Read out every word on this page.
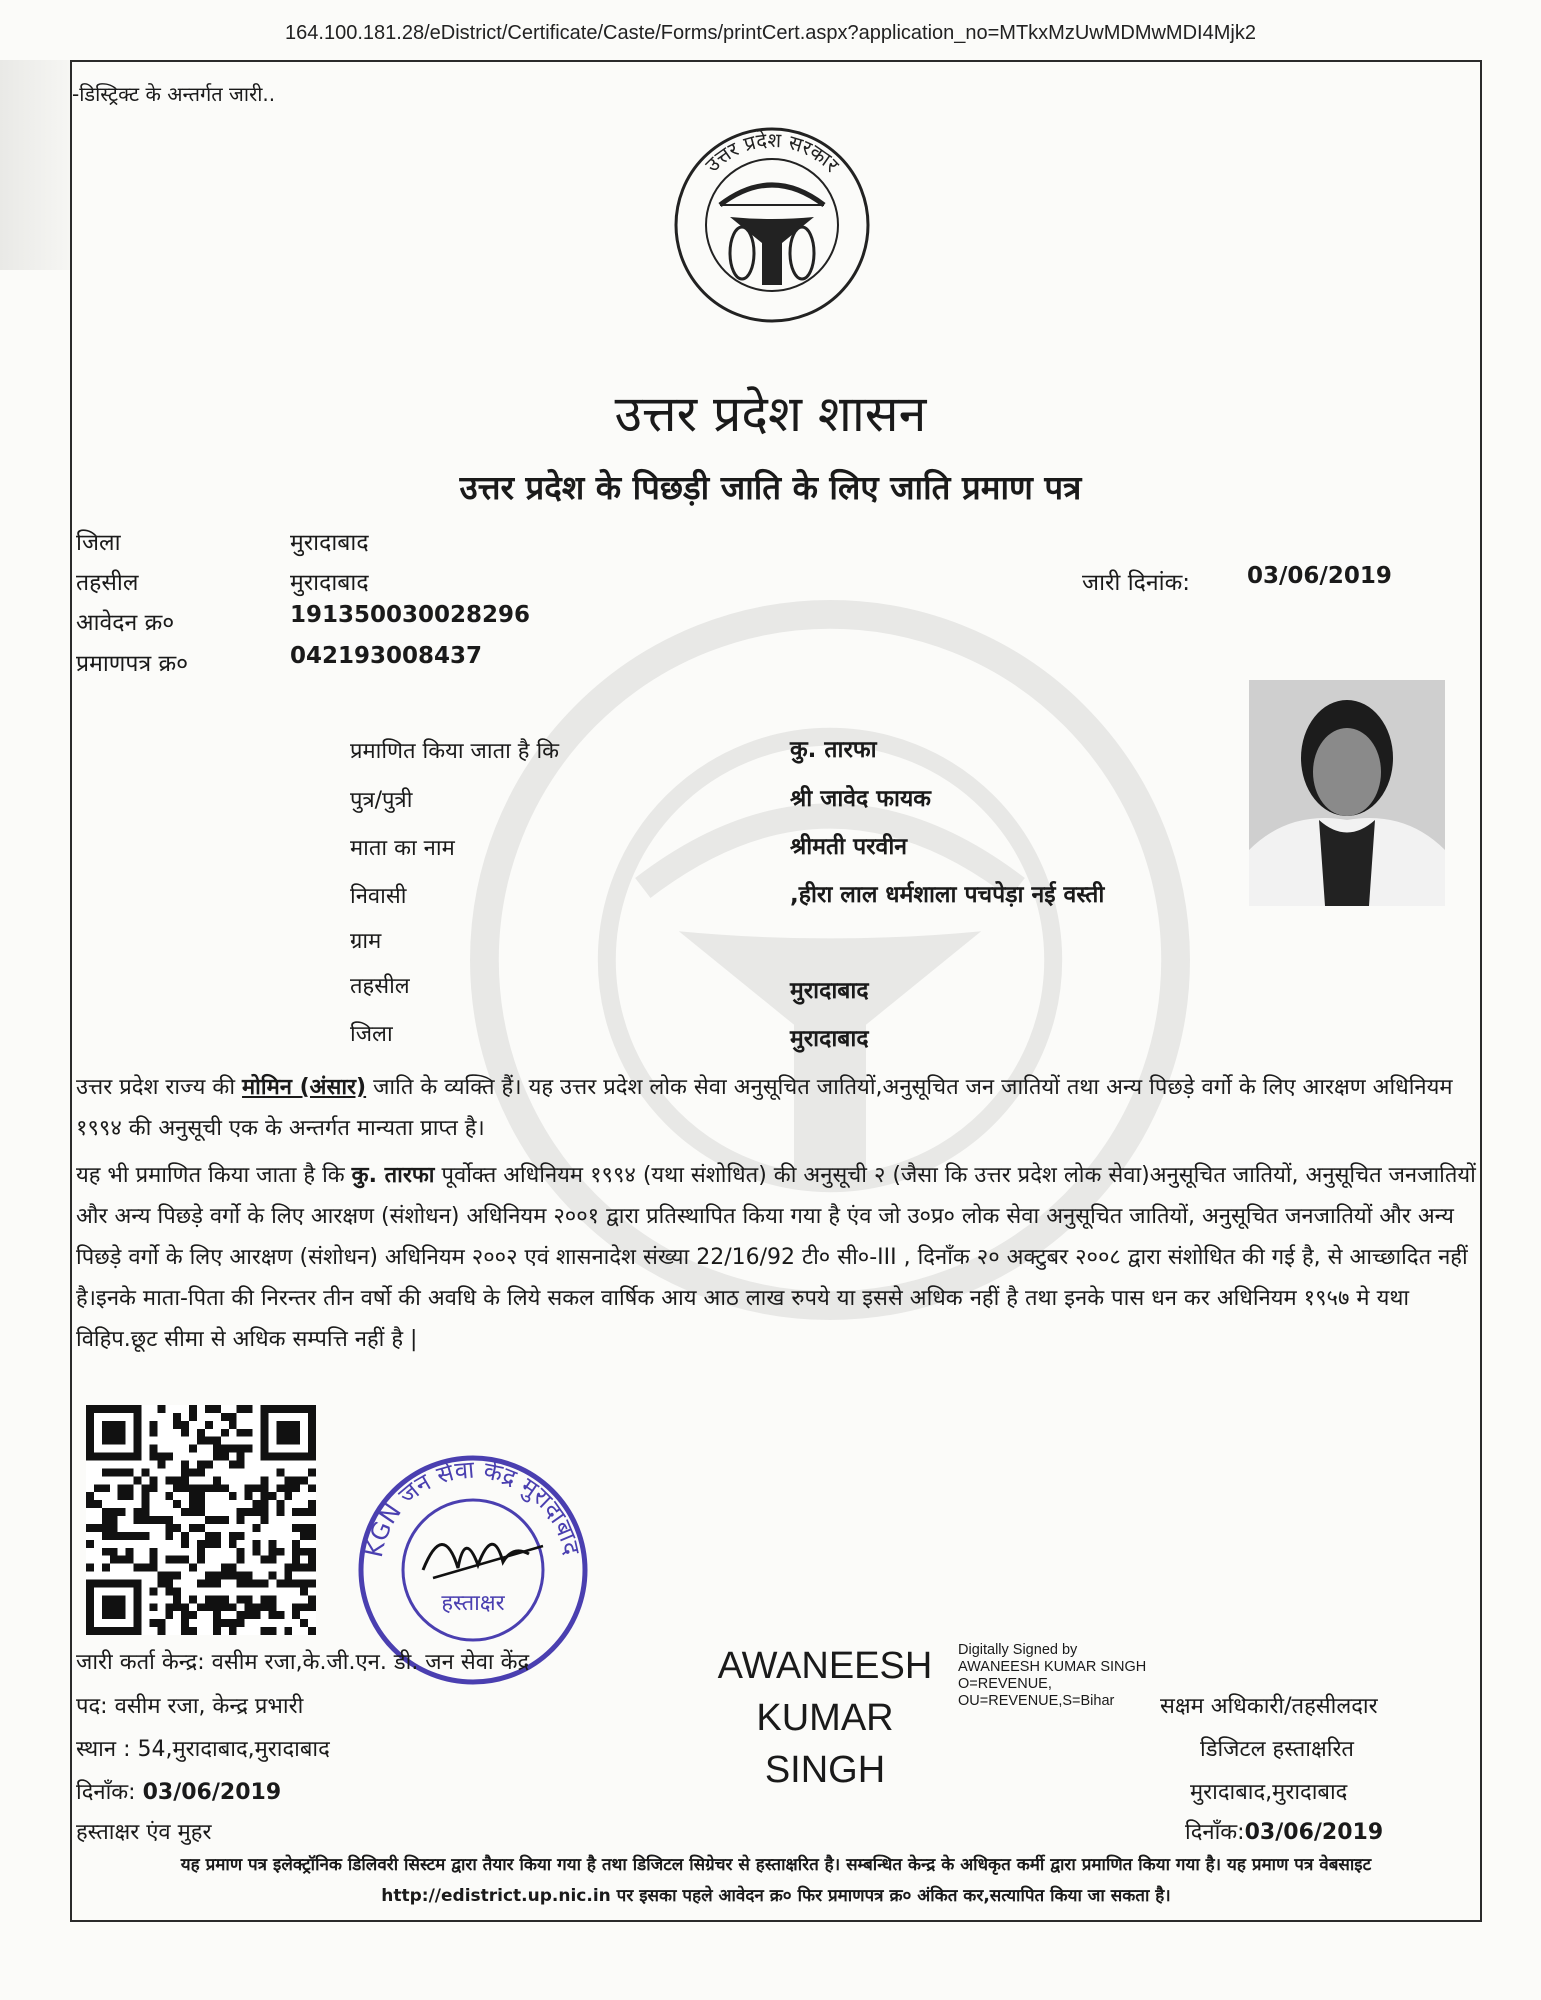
164.100.181.28/eDistrict/Certificate/Caste/Forms/printCert.aspx?application_no=MTkxMzUwMDMwMDI4Mjk2
-डिस्ट्रिक्ट के अन्तर्गत जारी..
उत्तर प्रदेश सरकार
उत्तर प्रदेश शासन
उत्तर प्रदेश के पिछड़ी जाति के लिए जाति प्रमाण पत्र
जिला	मुरादाबाद
तहसील	मुरादाबाद
आवेदन क्र०	191350030028296
प्रमाणपत्र क्र०	042193008437
जारी दिनांक: 03/06/2019
प्रमाणित किया जाता है कि	कु. तारफा
पुत्र/पुत्री	श्री जावेद फायक
माता का नाम	श्रीमती परवीन
निवासी	,हीरा लाल धर्मशाला पचपेड़ा नई वस्ती
ग्राम
तहसील	मुरादाबाद
जिला	मुरादाबाद
उत्तर प्रदेश राज्य की मोमिन (अंसार) जाति के व्यक्ति हैं। यह उत्तर प्रदेश लोक सेवा अनुसूचित जातियों,अनुसूचित जन जातियों तथा अन्य पिछड़े वर्गो के लिए आरक्षण अधिनियम १९९४ की अनुसूची एक के अन्तर्गत मान्यता प्राप्त है।
यह भी प्रमाणित किया जाता है कि कु. तारफा पूर्वोक्त अधिनियम १९९४ (यथा संशोधित) की अनुसूची २ (जैसा कि उत्तर प्रदेश लोक सेवा)अनुसूचित जातियों, अनुसूचित जनजातियों और अन्य पिछड़े वर्गो के लिए आरक्षण (संशोधन) अधिनियम २००१ द्वारा प्रतिस्थापित किया गया है एंव जो उ०प्र० लोक सेवा अनुसूचित जातियों, अनुसूचित जनजातियों और अन्य पिछड़े वर्गो के लिए आरक्षण (संशोधन) अधिनियम २००२ एवं शासनादेश संख्या 22/16/92 टी० सी०-III , दिनाँक २० अक्टुबर २००८ द्वारा संशोधित की गई है, से आच्छादित नहीं है।इनके माता-पिता की निरन्तर तीन वर्षो की अवधि के लिये सकल वार्षिक आय आठ लाख रुपये या इससे अधिक नहीं है तथा इनके पास धन कर अधिनियम १९५७ मे यथा विहिप.छूट सीमा से अधिक सम्पत्ति नहीं है |
KGN जन सेवा केंद्र मुरादाबाद
हस्ताक्षर
जारी कर्ता केन्द्र: वसीम रजा,के.जी.एन. डी. जन सेवा केंद्र
पद: वसीम रजा, केन्द्र प्रभारी
स्थान : 54,मुरादाबाद,मुरादाबाद
दिनाँक: 03/06/2019
हस्ताक्षर एंव मुहर
AWANEESH
KUMAR
SINGH
Digitally Signed by AWANEESH KUMAR SINGH O=REVENUE, OU=REVENUE,S=Bihar	सक्षम अधिकारी/तहसीलदार
डिजिटल हस्ताक्षरित
मुरादाबाद,मुरादाबाद
दिनाँक:03/06/2019
यह प्रमाण पत्र इलेक्ट्रॉनिक डिलिवरी सिस्टम द्वारा तैयार किया गया है तथा डिजिटल सिग्रेचर से हस्ताक्षरित है। सम्बन्धित केन्द्र के अधिकृत कर्मी द्वारा प्रमाणित किया गया है। यह प्रमाण पत्र वेबसाइट http://edistrict.up.nic.in पर इसका पहले आवेदन क्र० फिर प्रमाणपत्र क्र० अंकित कर,सत्यापित किया जा सकता है।
